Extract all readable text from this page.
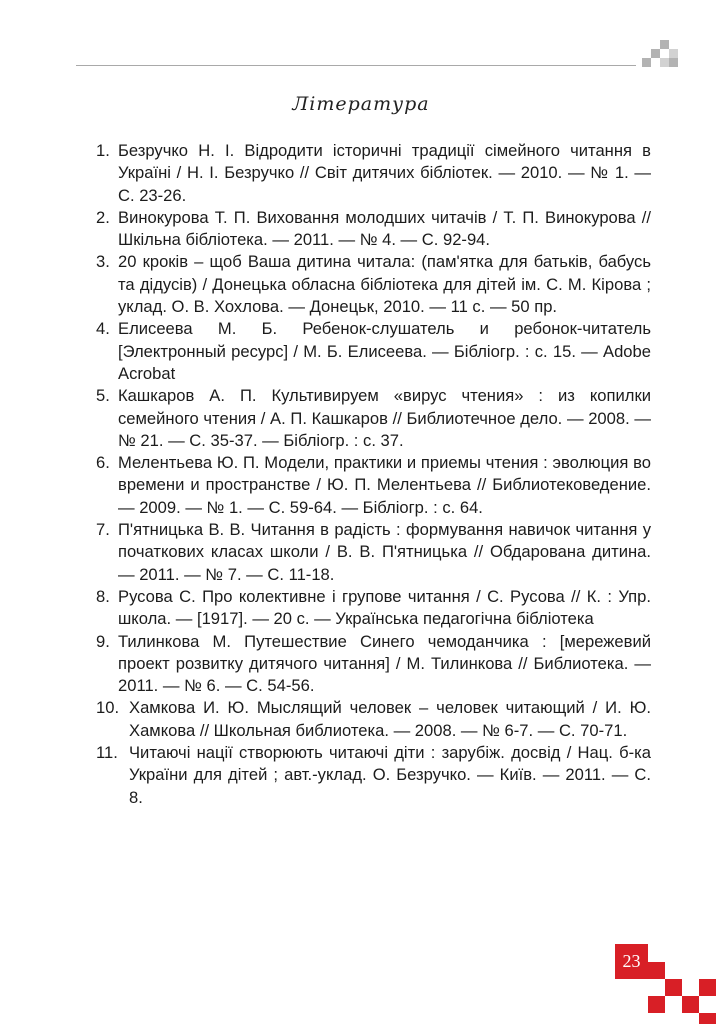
Література
1. Безручко Н. І. Відродити історичні традиції сімейного читання в Україні / Н. І. Безручко // Світ дитячих бібліотек. — 2010. — № 1. — С. 23-26.
2. Винокурова Т. П. Виховання молодших читачів / Т. П. Винокурова // Шкільна бібліотека. — 2011. — № 4. — С. 92-94.
3. 20 кроків – щоб Ваша дитина читала: (пам'ятка для батьків, бабусь та дідусів) / Донецька обласна бібліотека для дітей ім. С. М. Кірова ; уклад. О. В. Хохлова. — Донецьк, 2010. — 11 с. — 50 пр.
4. Елисеева М. Б. Ребенок-слушатель и ребонок-читатель [Электронный ресурс] / М. Б. Елисеева. — Бібліогр. : с. 15. — Adobe Acrobat
5. Кашкаров А. П. Культивируем «вирус чтения» : из копилки семейного чтения / А. П. Кашкаров // Библиотечное дело. — 2008. — № 21. — С. 35-37. — Бібліогр. : с. 37.
6. Мелентьева Ю. П. Модели, практики и приемы чтения : эволюция во времени и пространстве / Ю. П. Мелентьева // Библиотековедение. — 2009. — № 1. — С. 59-64. — Бібліогр. : с. 64.
7. П'ятницька В. В. Читання в радість : формування навичок читання у початкових класах школи / В. В. П'ятницька // Обдарована дитина. — 2011. — № 7. — С. 11-18.
8. Русова С. Про колективне і групове читання / С. Русова // К. : Упр. школа. — [1917]. — 20 с. — Українська педагогічна бібліотека
9. Тилинкова М. Путешествие Синего чемоданчика : [мережевий проект розвитку дитячого читання] / М. Тилинкова // Библиотека. — 2011. — № 6. — С. 54-56.
10. Хамкова И. Ю. Мыслящий человек – человек читающий / И. Ю. Хамкова // Школьная библиотека. — 2008. — № 6-7. — С. 70-71.
11. Читаючі нації створюють читаючі діти : зарубіж. досвід / Нац. б-ка України для дітей ; авт.-уклад. О. Безручко. — Київ. — 2011. — С. 8.
23
